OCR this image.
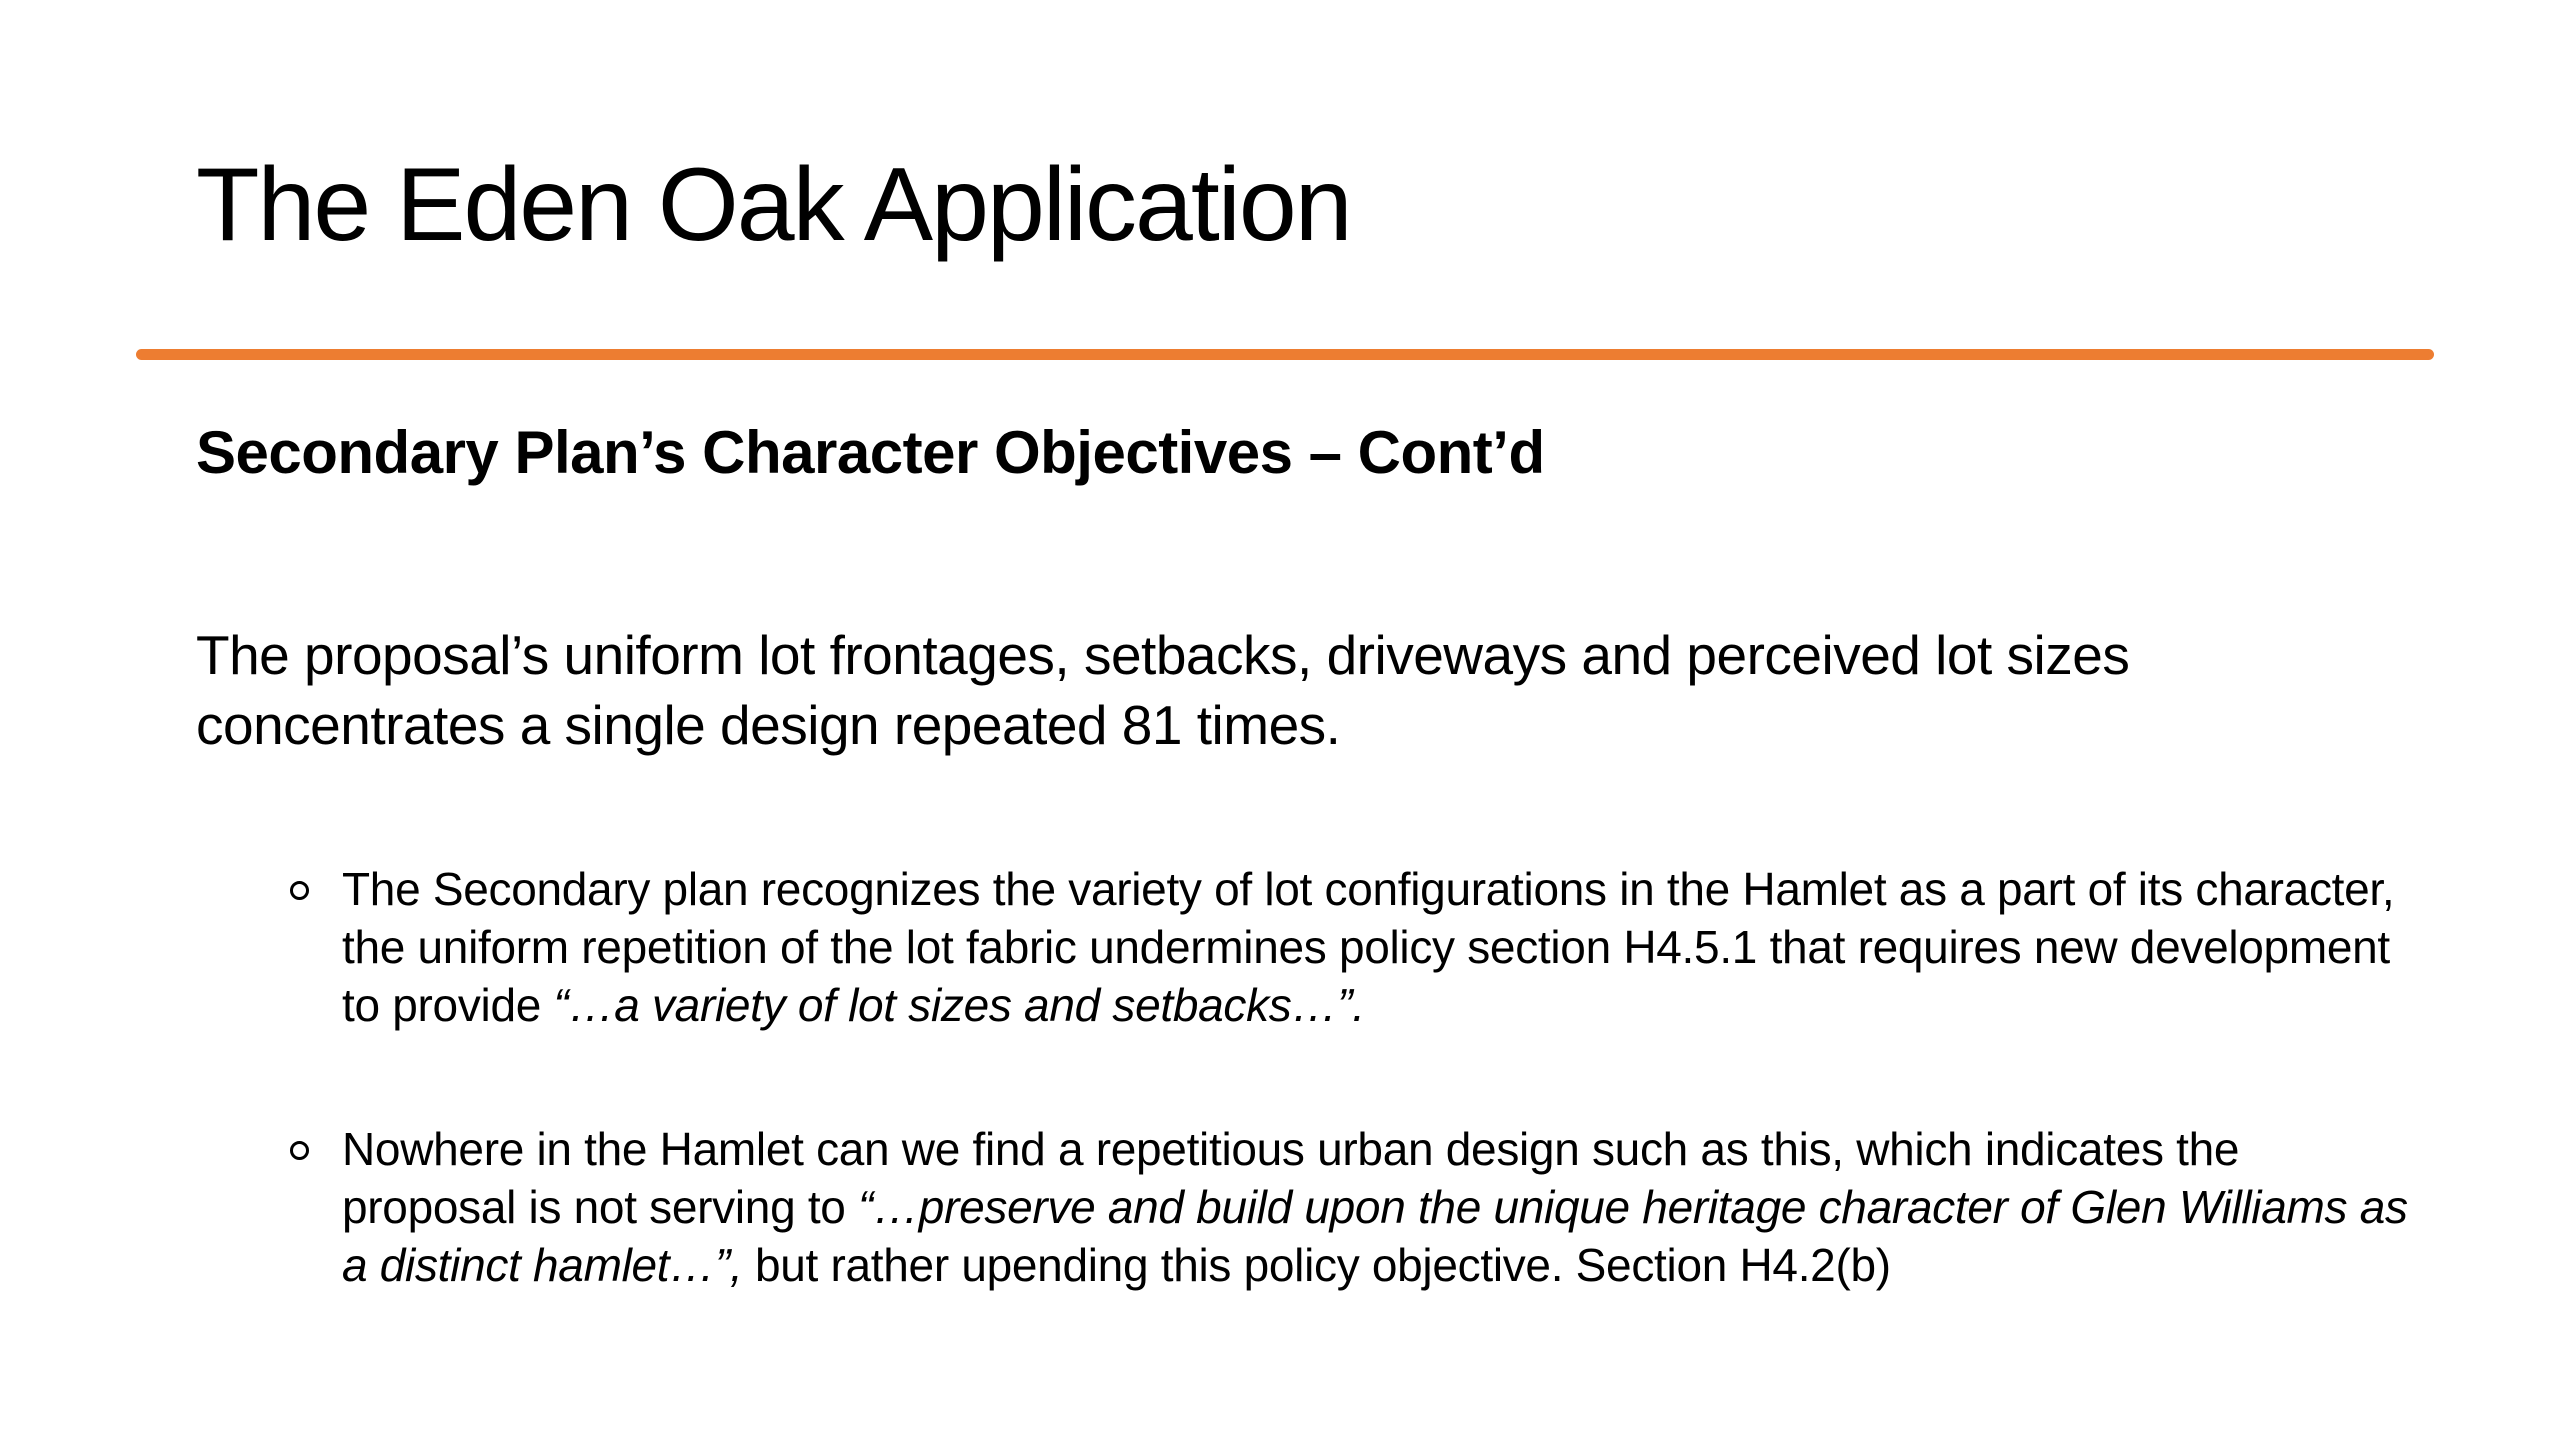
The Eden Oak Application
Secondary Plan’s Character Objectives – Cont’d

The proposal’s uniform lot frontages, setbacks, driveways and perceived lot sizes concentrates a single design repeated 81 times.

The Secondary plan recognizes the variety of lot configurations in the Hamlet as a part of its character, the uniform repetition of the lot fabric undermines policy section H4.5.1 that requires new development to provide “…a variety of lot sizes and setbacks…”.
Nowhere in the Hamlet can we find a repetitious urban design such as this, which indicates the proposal is not serving to “…preserve and build upon the unique heritage character of Glen Williams as a distinct hamlet…”, but rather upending this policy objective. Section H4.2(b)
